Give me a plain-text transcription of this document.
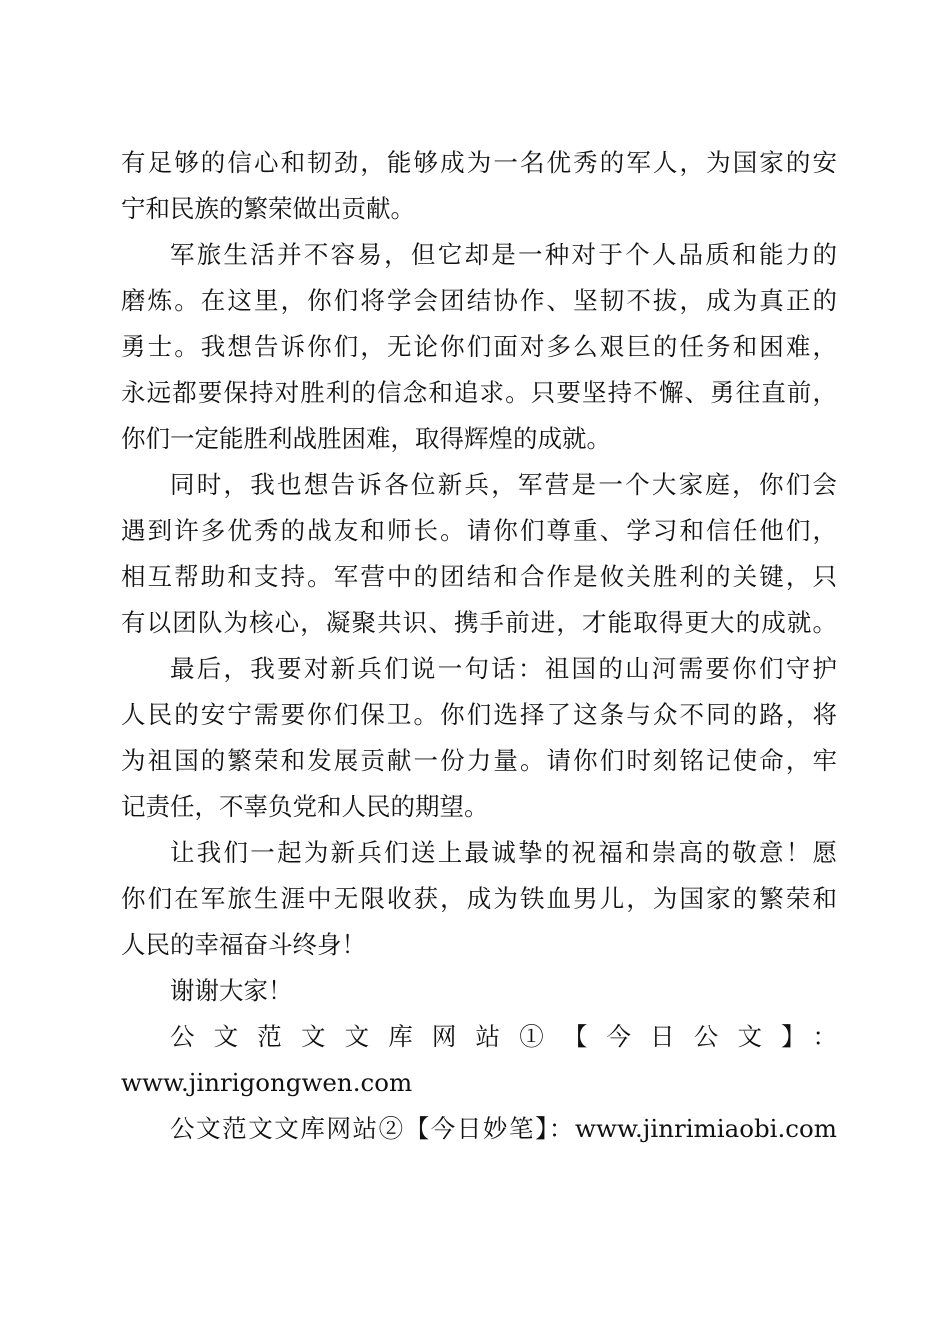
有足够的信心和韧劲，能够成为一名优秀的军人，为国家的安
宁和民族的繁荣做出贡献。
军旅生活并不容易，但它却是一种对于个人品质和能力的
磨炼。在这里，你们将学会团结协作、坚韧不拔，成为真正的
勇士。我想告诉你们，无论你们面对多么艰巨的任务和困难，
永远都要保持对胜利的信念和追求。只要坚持不懈、勇往直前，
你们一定能胜利战胜困难，取得辉煌的成就。
同时，我也想告诉各位新兵，军营是一个大家庭，你们会
遇到许多优秀的战友和师长。请你们尊重、学习和信任他们，
相互帮助和支持。军营中的团结和合作是攸关胜利的关键，只
有以团队为核心，凝聚共识、携手前进，才能取得更大的成就。
最后，我要对新兵们说一句话：祖国的山河需要你们守护
人民的安宁需要你们保卫。你们选择了这条与众不同的路，将
为祖国的繁荣和发展贡献一份力量。请你们时刻铭记使命，牢
记责任，不辜负党和人民的期望。
让我们一起为新兵们送上最诚挚的祝福和崇高的敬意！愿
你们在军旅生涯中无限收获，成为铁血男儿，为国家的繁荣和
人民的幸福奋斗终身！
谢谢大家！
公文范文文库网站①【今日公文】：
www.jinrigongwen.com
公文范文文库网站②【今日妙笔】：www.jinrimiaobi.com
